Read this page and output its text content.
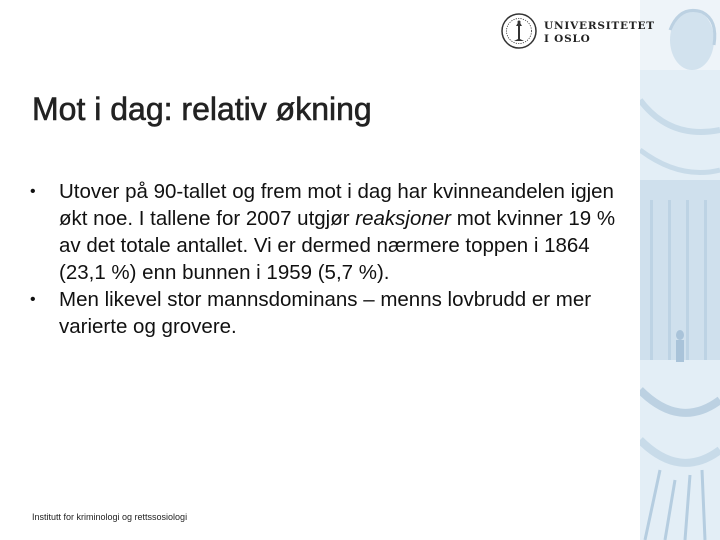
UNIVERSITETET
I OSLO
Mot i dag: relativ økning
• Utover på 90-tallet og frem mot i dag har kvinneandelen igjen økt noe. I tallene for 2007 utgjør reaksjoner mot kvinner 19 % av det totale antallet. Vi er dermed nærmere toppen i 1864 (23,1 %) enn bunnen i 1959 (5,7 %).
• Men likevel stor mannsdominans – menns lovbrudd er mer varierte og grovere.
Institutt for kriminologi og rettssosiologi
